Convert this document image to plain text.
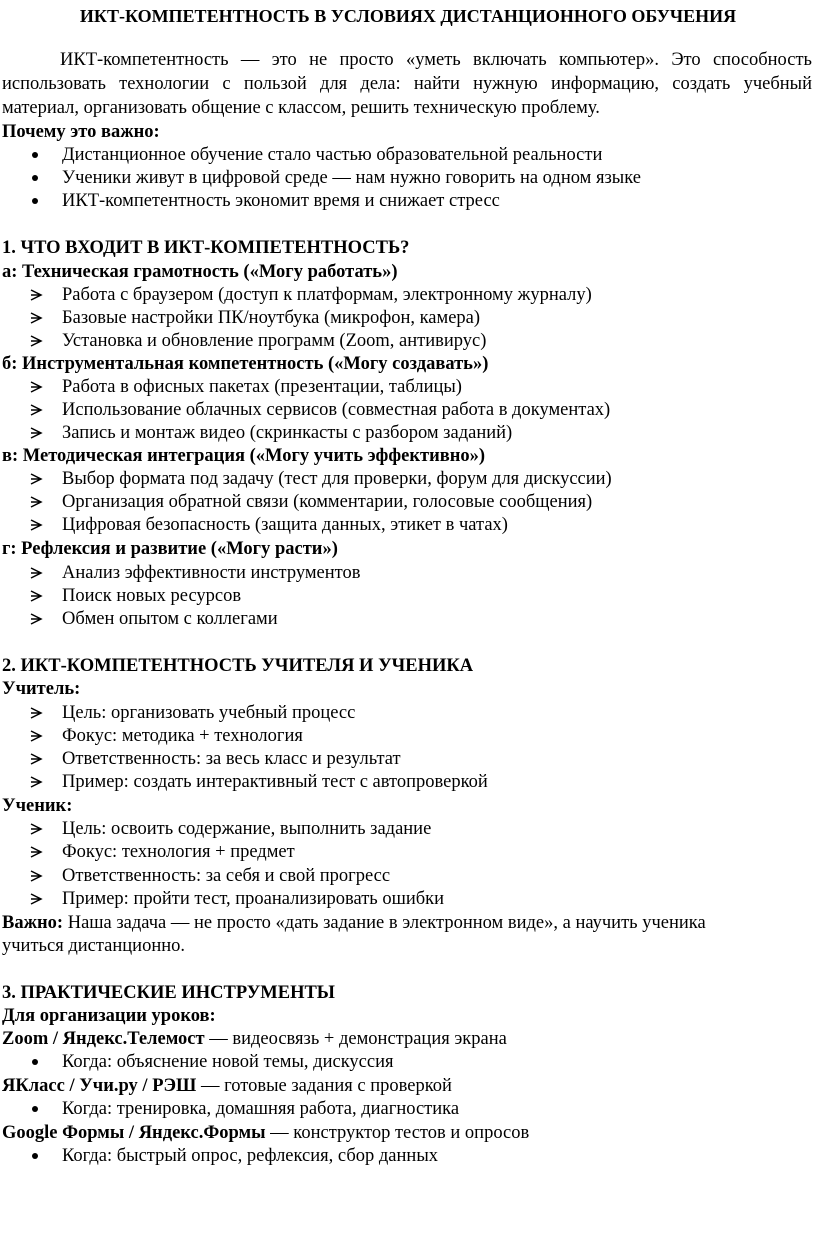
ИКТ-КОМПЕТЕНТНОСТЬ В УСЛОВИЯХ ДИСТАНЦИОННОГО ОБУЧЕНИЯ
ИКТ-компетентность — это не просто «уметь включать компьютер». Это способность
использовать технологии с пользой для дела: найти нужную информацию, создать учебный
материал, организовать общение с классом, решить техническую проблему.
Почему это важно:
Дистанционное обучение стало частью образовательной реальности
Ученики живут в цифровой среде — нам нужно говорить на одном языке
ИКТ-компетентность экономит время и снижает стресс
1. ЧТО ВХОДИТ В ИКТ-КОМПЕТЕНТНОСТЬ?
а: Техническая грамотность («Могу работать»)
Работа с браузером (доступ к платформам, электронному журналу)
Базовые настройки ПК/ноутбука (микрофон, камера)
Установка и обновление программ (Zoom, антивирус)
б: Инструментальная компетентность («Могу создавать»)
Работа в офисных пакетах (презентации, таблицы)
Использование облачных сервисов (совместная работа в документах)
Запись и монтаж видео (скринкасты с разбором заданий)
в: Методическая интеграция («Могу учить эффективно»)
Выбор формата под задачу (тест для проверки, форум для дискуссии)
Организация обратной связи (комментарии, голосовые сообщения)
Цифровая безопасность (защита данных, этикет в чатах)
г: Рефлексия и развитие («Могу расти»)
Анализ эффективности инструментов
Поиск новых ресурсов
Обмен опытом с коллегами
2. ИКТ-КОМПЕТЕНТНОСТЬ УЧИТЕЛЯ И УЧЕНИКА
Учитель:
Цель: организовать учебный процесс
Фокус: методика + технология
Ответственность: за весь класс и результат
Пример: создать интерактивный тест с автопроверкой
Ученик:
Цель: освоить содержание, выполнить задание
Фокус: технология + предмет
Ответственность: за себя и свой прогресс
Пример: пройти тест, проанализировать ошибки
Важно: Наша задача — не просто «дать задание в электронном виде», а научить ученика
учиться дистанционно.
3. ПРАКТИЧЕСКИЕ ИНСТРУМЕНТЫ
Для организации уроков:
Zoom / Яндекс.Телемост — видеосвязь + демонстрация экрана
Когда: объяснение новой темы, дискуссия
ЯКласс / Учи.ру / РЭШ — готовые задания с проверкой
Когда: тренировка, домашняя работа, диагностика
Google Формы / Яндекс.Формы — конструктор тестов и опросов
Когда: быстрый опрос, рефлексия, сбор данных
